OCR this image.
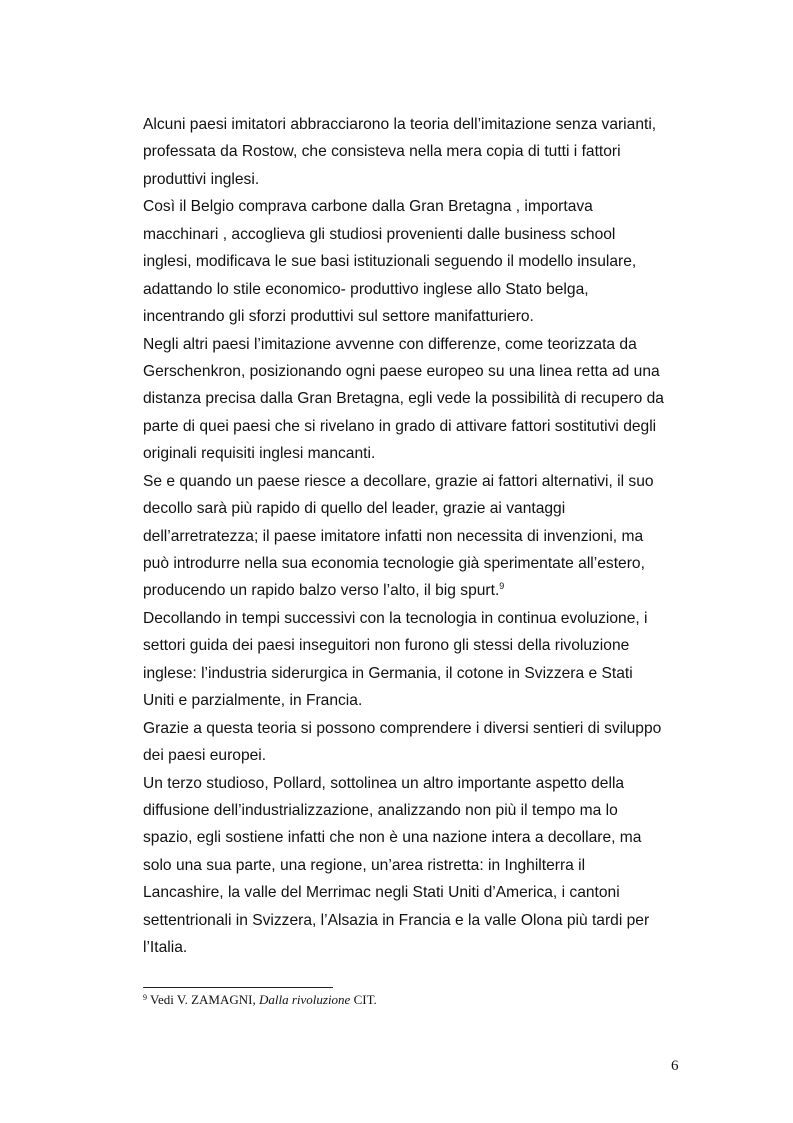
Alcuni paesi imitatori abbracciarono la teoria dell’imitazione senza varianti,
professata da Rostow, che consisteva nella mera copia di tutti i fattori
produttivi inglesi.
Così il Belgio comprava carbone dalla Gran Bretagna , importava
macchinari , accoglieva gli studiosi provenienti dalle business school
inglesi, modificava le sue basi istituzionali seguendo il modello insulare,
adattando lo stile economico- produttivo inglese allo Stato belga,
incentrando gli sforzi produttivi sul settore manifatturiero.
Negli altri paesi l’imitazione avvenne con differenze, come teorizzata da
Gerschenkron, posizionando ogni paese europeo su una linea retta ad una
distanza precisa dalla Gran Bretagna, egli vede la possibilità di recupero da
parte di quei paesi che si rivelano in grado di attivare fattori sostitutivi degli
originali requisiti inglesi mancanti.
Se e quando un paese riesce a decollare, grazie ai fattori alternativi, il suo
decollo sarà più rapido di quello del leader, grazie ai vantaggi
dell’arretratezza; il paese imitatore infatti non necessita di invenzioni, ma
può introdurre nella sua economia tecnologie già sperimentate all’estero,
producendo un rapido balzo verso l’alto, il big spurt.$^9$
Decollando in tempi successivi con la tecnologia in continua evoluzione, i
settori guida dei paesi inseguitori non furono gli stessi della rivoluzione
inglese: l’industria siderurgica in Germania, il cotone in Svizzera e Stati
Uniti e parzialmente, in Francia.
Grazie a questa teoria si possono comprendere i diversi sentieri di sviluppo
dei paesi europei.
Un terzo studioso, Pollard, sottolinea un altro importante aspetto della
diffusione dell’industrializzazione, analizzando non più il tempo ma lo
spazio, egli sostiene infatti che non è una nazione intera a decollare, ma
solo una sua parte, una regione, un’area ristretta: in Inghilterra il
Lancashire, la valle del Merrimac negli Stati Uniti d’America, i cantoni
settentrionali in Svizzera, l’Alsazia in Francia e la valle Olona più tardi per
l’Italia.
$^9$ Vedi V. ZAMAGNI, Dalla rivoluzione CIT.
6
